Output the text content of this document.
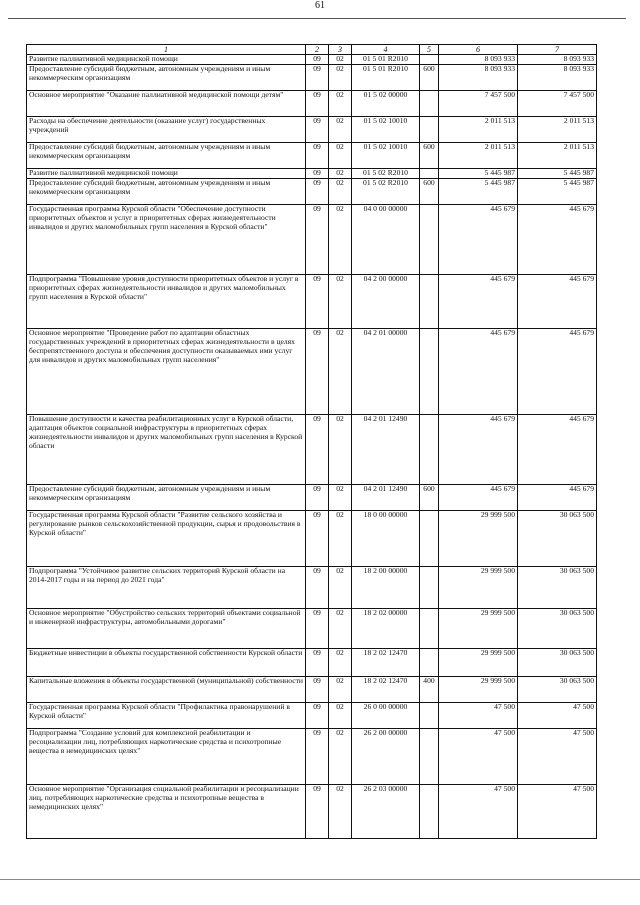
61
1	2	3	4	5	6	7
Развитие паллиативной медицинской помощи	09	02	01 5 01 R2010		8 093 933	8 093 933
Предоставление субсидий бюджетным, автономным учреждениям и иным некоммерческим организациям	09	02	01 5 01 R2010	600	8 093 933	8 093 933
Основное мероприятие "Оказание паллиативной медицинской помощи детям"	09	02	01 5 02 00000		7 457 500	7 457 500
Расходы на обеспечение деятельности (оказание услуг) государственных учреждений	09	02	01 5 02 10010		2 011 513	2 011 513
Предоставление субсидий бюджетным, автономным учреждениям и иным некоммерческим организациям	09	02	01 5 02 10010	600	2 011 513	2 011 513
Развитие паллиативной медицинской помощи	09	02	01 5 02 R2010		5 445 987	5 445 987
Предоставление субсидий бюджетным, автономным учреждениям и иным некоммерческим организациям	09	02	01 5 02 R2010	600	5 445 987	5 445 987
Государственная программа Курской области "Обеспечение доступности приоритетных объектов и услуг в приоритетных сферах жизнедеятельности инвалидов и других маломобильных групп населения в Курской области"	09	02	04 0 00 00000		445 679	445 679
Подпрограмма "Повышение уровня доступности приоритетных объектов и услуг в приоритетных сферах жизнедеятельности инвалидов и других маломобильных групп населения в Курской области"	09	02	04 2 00 00000		445 679	445 679
Основное мероприятие "Проведение работ по адаптации областных государственных учреждений в приоритетных сферах жизнедеятельности в целях беспрепятственного доступа и обеспечения доступности оказываемых ими услуг для инвалидов и других маломобильных групп населения"	09	02	04 2 01 00000		445 679	445 679
Повышение доступности и качества реабилитационных услуг в Курской области, адаптация объектов социальной инфраструктуры в приоритетных сферах жизнедеятельности инвалидов и других маломобильных групп населения в Курской области	09	02	04 2 01 12490		445 679	445 679
Предоставление субсидий бюджетным, автономным учреждениям и иным некоммерческим организациям	09	02	04 2 01 12490	600	445 679	445 679
Государственная программа Курской области "Развитие сельского хозяйства и регулирование рынков сельскохозяйственной продукции, сырья и продовольствия в Курской области"	09	02	18 0 00 00000		29 999 500	30 063 500
Подпрограмма "Устойчивое развитие сельских территорий Курской области на 2014-2017 годы и на период до 2021 года"	09	02	18 2 00 00000		29 999 500	30 063 500
Основное мероприятие "Обустройство сельских территорий объектами социальной и инженерной инфраструктуры, автомобильными дорогами"	09	02	18 2 02 00000		29 999 500	30 063 500
Бюджетные инвестиции в объекты государственной собственности Курской области	09	02	18 2 02 12470		29 999 500	30 063 500
Капитальные вложения в объекты государственной (муниципальной) собственности	09	02	18 2 02 12470	400	29 999 500	30 063 500
Государственная программа Курской области "Профилактика правонарушений в Курской области"	09	02	26 0 00 00000		47 500	47 500
Подпрограмма "Создание условий для комплексной реабилитации и ресоциализации лиц, потребляющих наркотические средства и психотропные вещества в немедицинских целях"	09	02	26 2 00 00000		47 500	47 500
Основное мероприятие "Организация социальной реабилитации и ресоциализации лиц, потребляющих наркотические средства и психотропные вещества в немедицинских целях"	09	02	26 2 03 00000		47 500	47 500
